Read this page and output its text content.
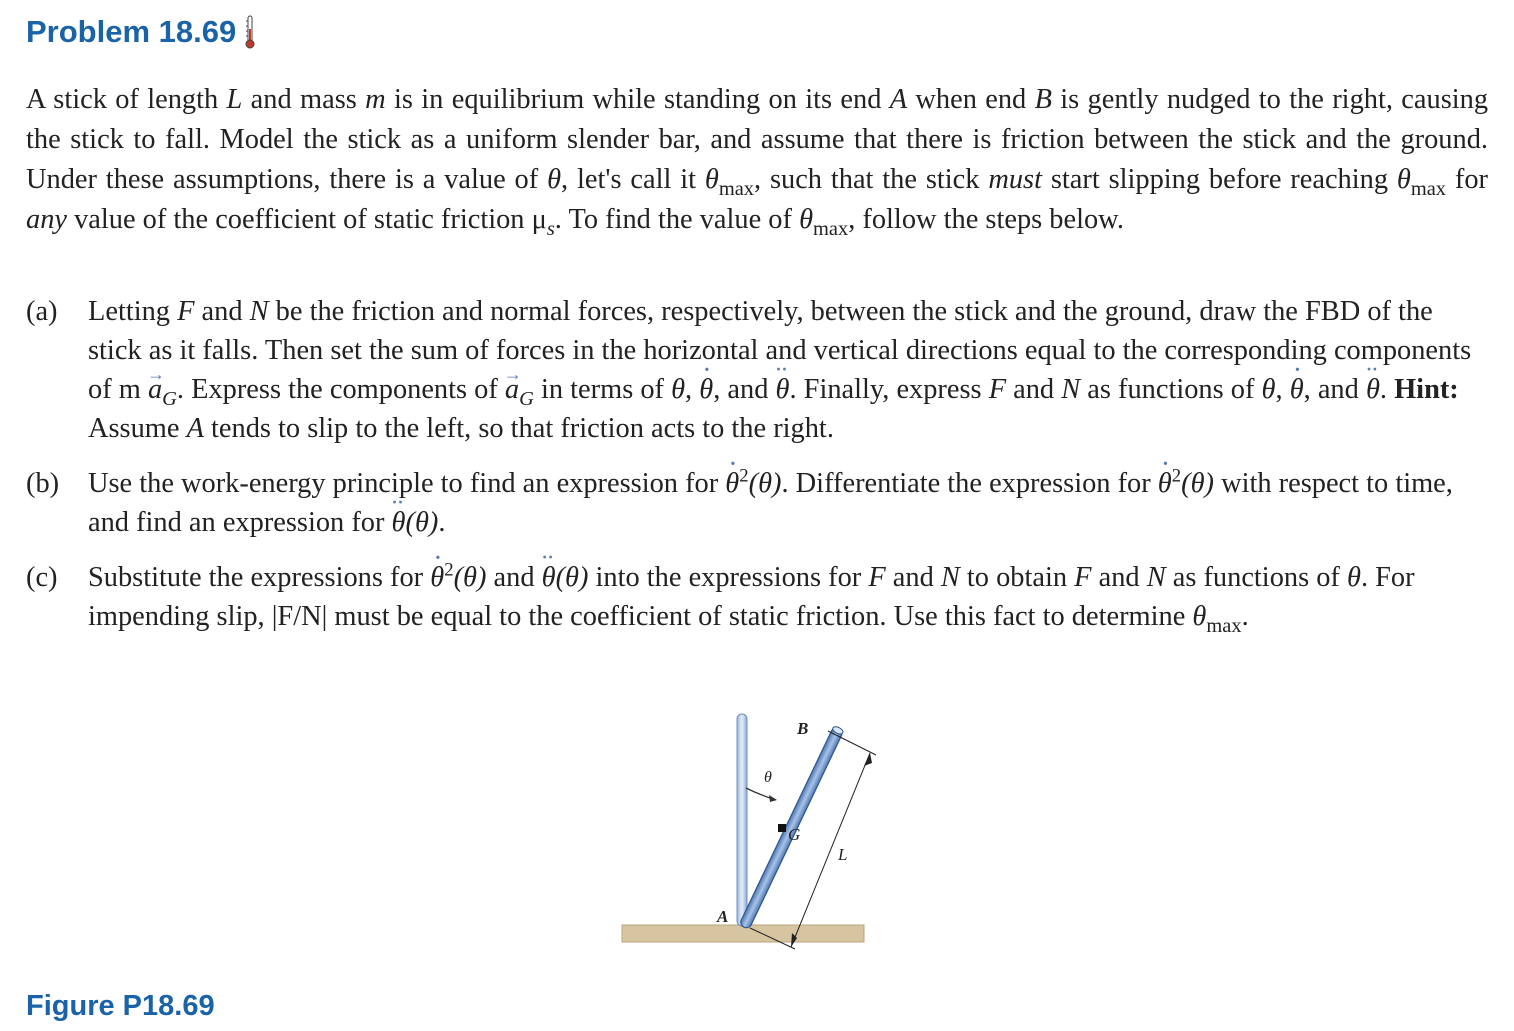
Problem 18.69

A stick of length L and mass m is in equilibrium while standing on its end A when end B is gently nudged to the right, causing the stick to fall. Model the stick as a uniform slender bar, and assume that there is friction between the stick and the ground. Under these assumptions, there is a value of θ, let's call it $\theta_{max}$, such that the stick must start slipping before reaching $\theta_{max}$ for any value of the coefficient of static friction $\mu_s$. To find the value of $\theta_{max}$, follow the steps below.

(a) Letting F and N be the friction and normal forces, respectively, between the stick and the ground, draw the FBD of the stick as it falls. Then set the sum of forces in the horizontal and vertical directions equal to the corresponding components of $m \to a_G$. Express the components of → $a_G$ in terms of θ, · θ, and ·· θ. Finally, express F and N as functions of θ, · θ, and ·· θ. Hint: Assume A tends to slip to the left, so that friction acts to the right.
(b) Use the work-energy principle to find an expression for · $\theta^2(\theta)$. Differentiate the expression for · $\theta^2(\theta)$ with respect to time, and find an expression for ·· θ(θ).
(c) Substitute the expressions for · $\theta^2(\theta)$ and ·· θ(θ) into the expressions for F and N to obtain F and N as functions of θ. For impending slip, |F/N| must be equal to the coefficient of static friction. Use this fact to determine $\theta_{max}$.
θ
B
G
L
A
Figure P18.69
